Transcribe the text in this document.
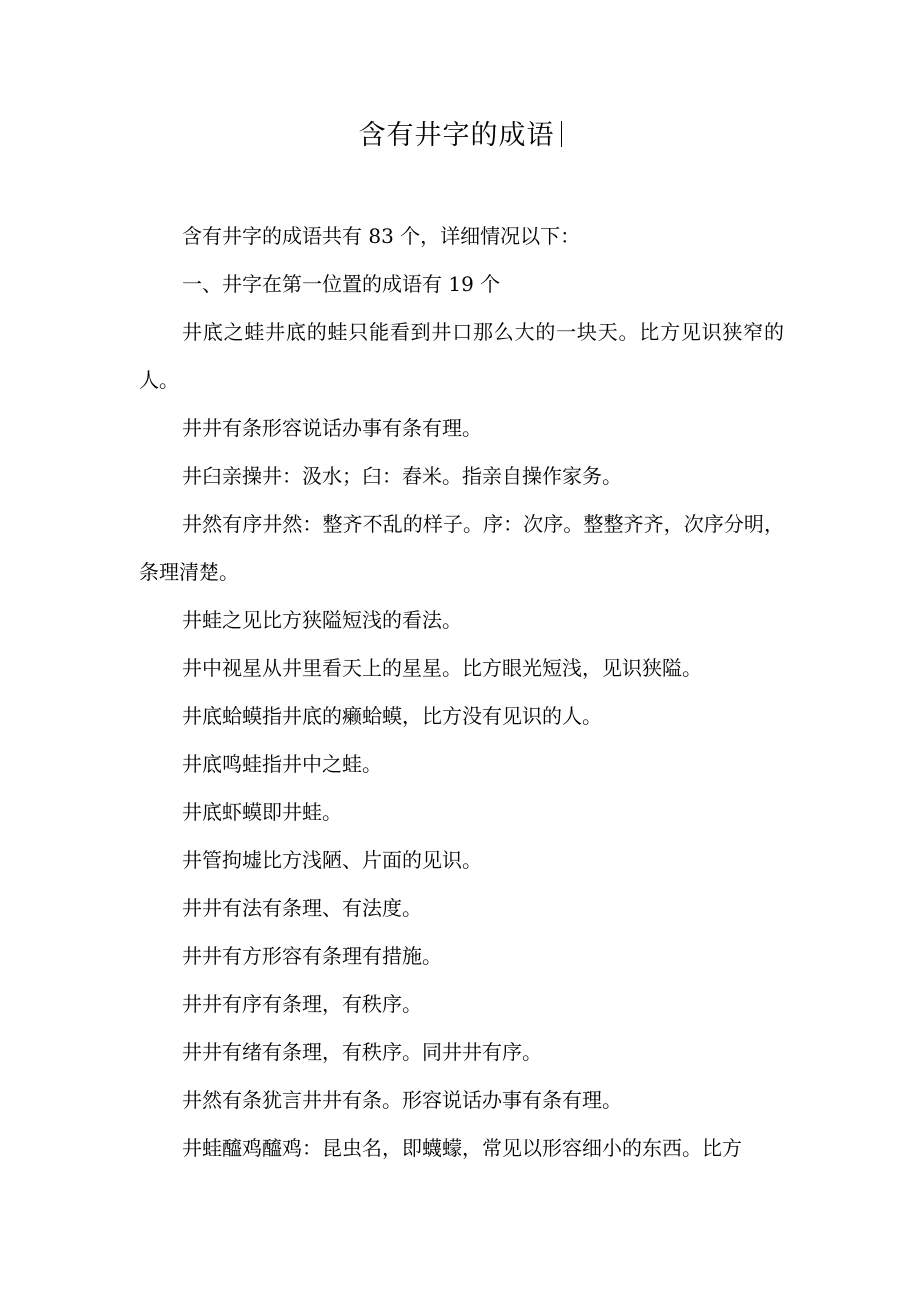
含有井字的成语

含有井字的成语共有 83 个，详细情况以下：

一、井字在第一位置的成语有 19 个

井底之蛙井底的蛙只能看到井口那么大的一块天。比方见识狭窄的人。

井井有条形容说话办事有条有理。

井臼亲操井：汲水；臼：舂米。指亲自操作家务。

井然有序井然：整齐不乱的样子。序：次序。整整齐齐，次序分明，条理清楚。

井蛙之见比方狭隘短浅的看法。

井中视星从井里看天上的星星。比方眼光短浅，见识狭隘。

井底蛤蟆指井底的癞蛤蟆，比方没有见识的人。

井底鸣蛙指井中之蛙。

井底虾蟆即井蛙。

井管拘墟比方浅陋、片面的见识。

井井有法有条理、有法度。

井井有方形容有条理有措施。

井井有序有条理，有秩序。

井井有绪有条理，有秩序。同井井有序。

井然有条犹言井井有条。形容说话办事有条有理。

井蛙醯鸡醯鸡：昆虫名，即蠛蠓，常见以形容细小的东西。比方
